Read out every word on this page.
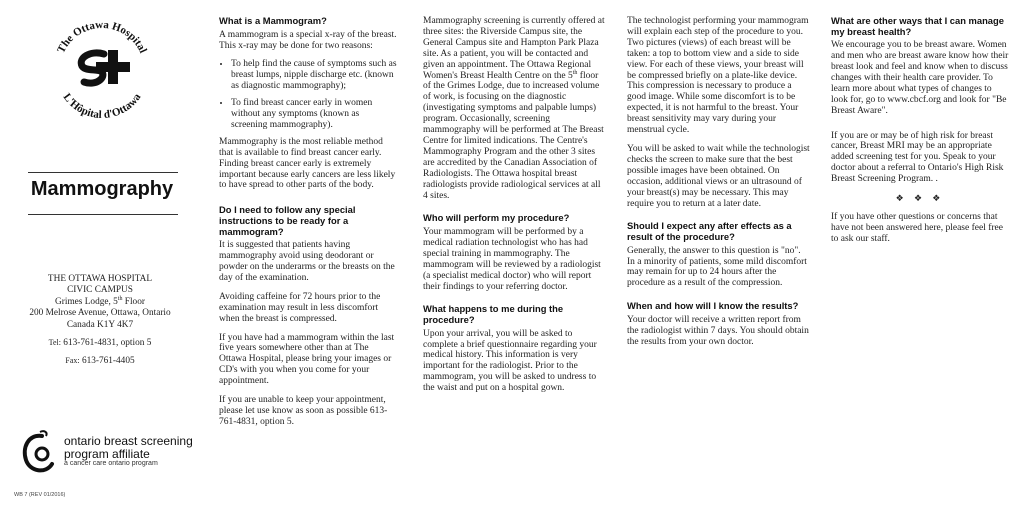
The Ottawa Hospital
L'Hôpital d'Ottawa
Mammography
THE OTTAWA HOSPITAL
CIVIC CAMPUS
Grimes Lodge, 5th Floor
200 Melrose Avenue, Ottawa, Ontario
Canada K1Y 4K7
Tel: 613-761-4831, option 5
Fax: 613-761-4405
ontario breast screening
program affiliate
a cancer care ontario program
WB 7 (REV 01/2016)
What is a Mammogram?

A mammogram is a special x-ray of the breast. This x-ray may be done for two reasons:

• To help find the cause of symptoms such as breast lumps, nipple discharge etc. (known as diagnostic mammography);
• To find breast cancer early in women without any symptoms (known as screening mammography).

Mammography is the most reliable method that is available to find breast cancer early. Finding breast cancer early is extremely important because early cancers are less likely to have spread to other parts of the body.

Do I need to follow any special instructions to be ready for a mammogram?

It is suggested that patients having mammography avoid using deodorant or powder on the underarms or the breasts on the day of the examination.

Avoiding caffeine for 72 hours prior to the examination may result in less discomfort when the breast is compressed.

If you have had a mammogram within the last five years somewhere other than at The Ottawa Hospital, please bring your images or CD's with you when you come for your appointment.

If you are unable to keep your appointment, please let use know as soon as possible 613-761-4831, option 5.

Mammography screening is currently offered at three sites: the Riverside Campus site, the General Campus site and Hampton Park Plaza site. As a patient, you will be contacted and given an appointment. The Ottawa Regional Women's Breast Health Centre on the 5th floor of the Grimes Lodge, due to increased volume of work, is focusing on the diagnostic (investigating symptoms and palpable lumps) program. Occasionally, screening mammography will be performed at The Breast Centre for limited indications. The Centre's Mammography Program and the other 3 sites are accredited by the Canadian Association of Radiologists. The Ottawa hospital breast radiologists provide radiological services at all 4 sites.

Who will perform my procedure?

Your mammogram will be performed by a medical radiation technologist who has had special training in mammography. The mammogram will be reviewed by a radiologist (a specialist medical doctor) who will report their findings to your referring doctor.

What happens to me during the procedure?

Upon your arrival, you will be asked to complete a brief questionnaire regarding your medical history. This information is very important for the radiologist. Prior to the mammogram, you will be asked to undress to the waist and put on a hospital gown.

The technologist performing your mammogram will explain each step of the procedure to you. Two pictures (views) of each breast will be taken: a top to bottom view and a side to side view. For each of these views, your breast will be compressed briefly on a plate-like device. This compression is necessary to produce a good image. While some discomfort is to be expected, it is not harmful to the breast. Your breast sensitivity may vary during your menstrual cycle.

You will be asked to wait while the technologist checks the screen to make sure that the best possible images have been obtained. On occasion, additional views or an ultrasound of your breast(s) may be necessary. This may require you to return at a later date.

Should I expect any after effects as a result of the procedure?

Generally, the answer to this question is "no". In a minority of patients, some mild discomfort may remain for up to 24 hours after the procedure as a result of the compression.

When and how will I know the results?

Your doctor will receive a written report from the radiologist within 7 days. You should obtain the results from your own doctor.

What are other ways that I can manage my breast health?

We encourage you to be breast aware. Women and men who are breast aware know how their breast look and feel and know when to discuss changes with their health care provider. To learn more about what types of changes to look for, go to www.cbcf.org and look for "Be Breast Aware".

If you are or may be of high risk for breast cancer, Breast MRI may be an appropriate added screening test for you. Speak to your doctor about a referral to Ontario's High Risk Breast Screening Program. .

❖ ❖ ❖

If you have other questions or concerns that have not been answered here, please feel free to ask our staff.
